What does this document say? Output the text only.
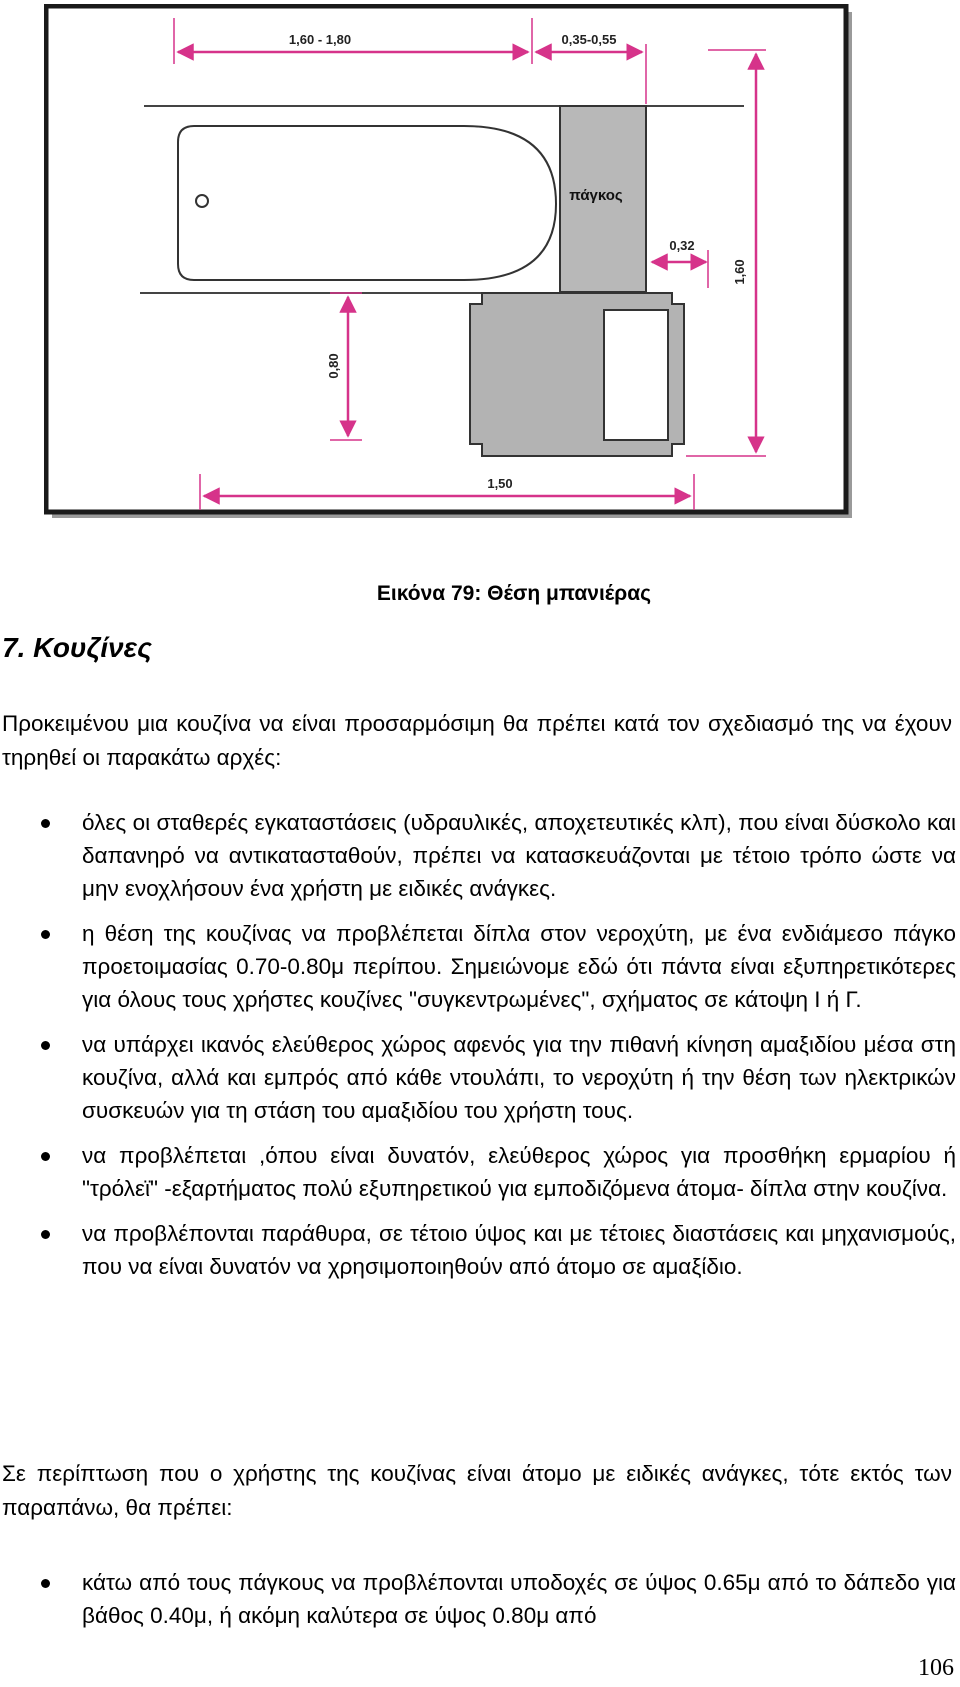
πάγκος
1,60 - 1,80	0,35-0,55
1,60
0,32
0,80
1,50
Εικόνα 79: Θέση μπανιέρας
7. Κουζίνες

Προκειμένου μια κουζίνα να είναι προσαρμόσιμη θα πρέπει κατά τον σχεδιασμό της να έχουν τηρηθεί οι παρακάτω αρχές:

όλες οι σταθερές εγκαταστάσεις (υδραυλικές, αποχετευτικές κλπ), που είναι δύσκολο και δαπανηρό να αντικατασταθούν, πρέπει να κατασκευάζονται με τέτοιο τρόπο ώστε να μην ενοχλήσουν ένα χρήστη με ειδικές ανάγκες.
η θέση της κουζίνας να προβλέπεται δίπλα στον νεροχύτη, με ένα ενδιάμεσο πάγκο προετοιμασίας 0.70-0.80μ περίπου. Σημειώνομε εδώ ότι πάντα είναι εξυπηρετικότερες για όλους τους χρήστες κουζίνες "συγκεντρωμένες", σχήματος σε κάτοψη Ι ή Γ.
να υπάρχει ικανός ελεύθερος χώρος αφενός για την πιθανή κίνηση αμαξιδίου μέσα στη κουζίνα, αλλά και εμπρός από κάθε ντουλάπι, το νεροχύτη ή την θέση των ηλεκτρικών συσκευών για τη στάση του αμαξιδίου του χρήστη τους.
να προβλέπεται ,όπου είναι δυνατόν, ελεύθερος χώρος για προσθήκη ερμαρίου ή "τρόλεϊ" -εξαρτήματος πολύ εξυπηρετικού για εμποδιζόμενα άτομα- δίπλα στην κουζίνα.
να προβλέπονται παράθυρα, σε τέτοιο ύψος και με τέτοιες διαστάσεις και μηχανισμούς, που να είναι δυνατόν να χρησιμοποιηθούν από άτομο σε αμαξίδιο.

Σε περίπτωση που ο χρήστης της κουζίνας είναι άτομο με ειδικές ανάγκες, τότε εκτός των παραπάνω, θα πρέπει:

κάτω από τους πάγκους να προβλέπονται υποδοχές σε ύψος 0.65μ από το δάπεδο για βάθος 0.40μ, ή ακόμη καλύτερα σε ύψος 0.80μ από
106
